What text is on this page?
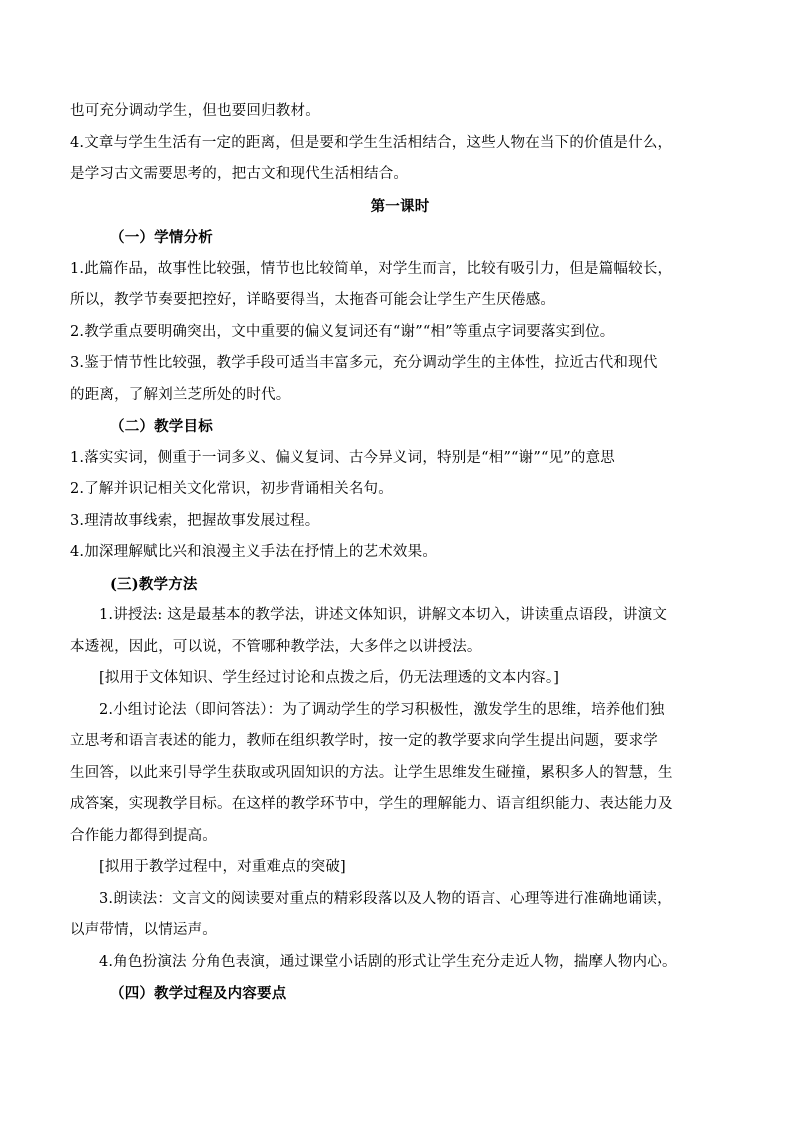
也可充分调动学生，但也要回归教材。
4.文章与学生生活有一定的距离，但是要和学生生活相结合，这些人物在当下的价值是什么，
是学习古文需要思考的，把古文和现代生活相结合。
第一课时
（一）学情分析
1.此篇作品，故事性比较强，情节也比较简单，对学生而言，比较有吸引力，但是篇幅较长，
所以，教学节奏要把控好，详略要得当，太拖沓可能会让学生产生厌倦感。
2.教学重点要明确突出，文中重要的偏义复词还有“谢”“相”等重点字词要落实到位。
3.鉴于情节性比较强，教学手段可适当丰富多元，充分调动学生的主体性，拉近古代和现代
的距离，了解刘兰芝所处的时代。
（二）教学目标
1.落实实词，侧重于一词多义、偏义复词、古今异义词，特别是“相”“谢”“见”的意思
2.了解并识记相关文化常识，初步背诵相关名句。
3.理清故事线索，把握故事发展过程。
4.加深理解赋比兴和浪漫主义手法在抒情上的艺术效果。
(三)教学方法
1.讲授法: 这是最基本的教学法，讲述文体知识，讲解文本切入，讲读重点语段，讲演文
本透视，因此，可以说，不管哪种教学法，大多伴之以讲授法。
[拟用于文体知识、学生经过讨论和点拨之后，仍无法理透的文本内容。]
2.小组讨论法（即问答法）：为了调动学生的学习积极性，激发学生的思维，培养他们独
立思考和语言表述的能力，教师在组织教学时，按一定的教学要求向学生提出问题，要求学
生回答，以此来引导学生获取或巩固知识的方法。让学生思维发生碰撞，累积多人的智慧，生
成答案，实现教学目标。在这样的教学环节中，学生的理解能力、语言组织能力、表达能力及
合作能力都得到提高。
[拟用于教学过程中，对重难点的突破]
3.朗读法：文言文的阅读要对重点的精彩段落以及人物的语言、心理等进行准确地诵读，
以声带情，以情运声。
4.角色扮演法 分角色表演，通过课堂小话剧的形式让学生充分走近人物，揣摩人物内心。
（四）教学过程及内容要点
